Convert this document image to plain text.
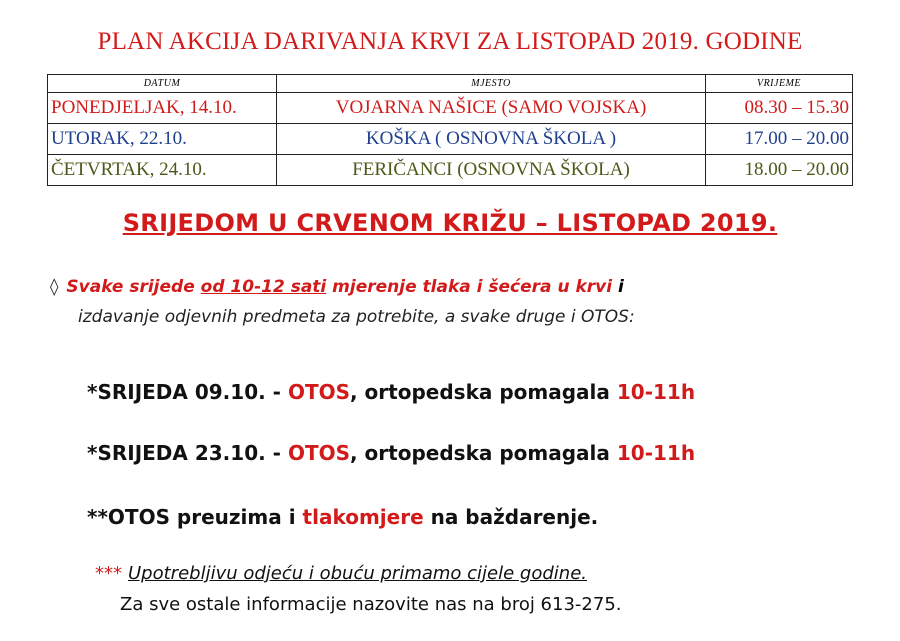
PLAN AKCIJA DARIVANJA KRVI ZA LISTOPAD 2019. GODINE
DATUM	MJESTO	VRIJEME
PONEDJELJAK, 14.10.	VOJARNA NAŠICE (SAMO VOJSKA)	08.30 – 15.30
UTORAK, 22.10.	KOŠKA ( OSNOVNA ŠKOLA )	17.00 – 20.00
ČETVRTAK, 24.10.	FERIČANCI (OSNOVNA ŠKOLA)	18.00 – 20.00
SRIJEDOM U CRVENOM KRIŽU – LISTOPAD 2019.
◊ Svake srijede od 10-12 sati mjerenje tlaka i šećera u krvi i
izdavanje odjevnih predmeta za potrebite, a svake druge i OTOS:
*SRIJEDA 09.10. - OTOS, ortopedska pomagala 10-11h
*SRIJEDA 23.10. - OTOS, ortopedska pomagala 10-11h
**OTOS preuzima i tlakomjere na baždarenje.
*** Upotrebljivu odjeću i obuću primamo cijele godine.
Za sve ostale informacije nazovite nas na broj 613-275.
